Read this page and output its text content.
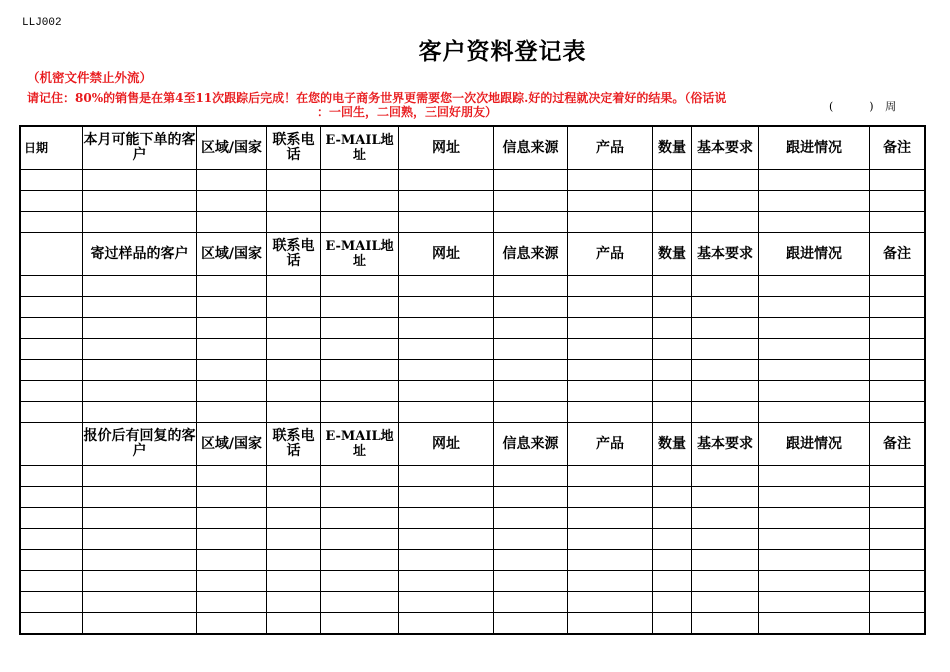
LLJ002
客户资料登记表
（机密文件禁止外流）
请记住：80%的销售是在第4至11次跟踪后完成！在您的电子商务世界更需要您一次次地跟踪.好的过程就决定着好的结果。（俗话说
：一回生，二回熟，三回好朋友）	(	) 周
日期	本月可能下单的客户	区域/国家	联系电话	E-MAIL地址	网址	信息来源	产品	数量	基本要求	跟进情况	备注

	寄过样品的客户	区域/国家	联系电话	E-MAIL地址	网址	信息来源	产品	数量	基本要求	跟进情况	备注

	报价后有回复的客户	区域/国家	联系电话	E-MAIL地址	网址	信息来源	产品	数量	基本要求	跟进情况	备注
